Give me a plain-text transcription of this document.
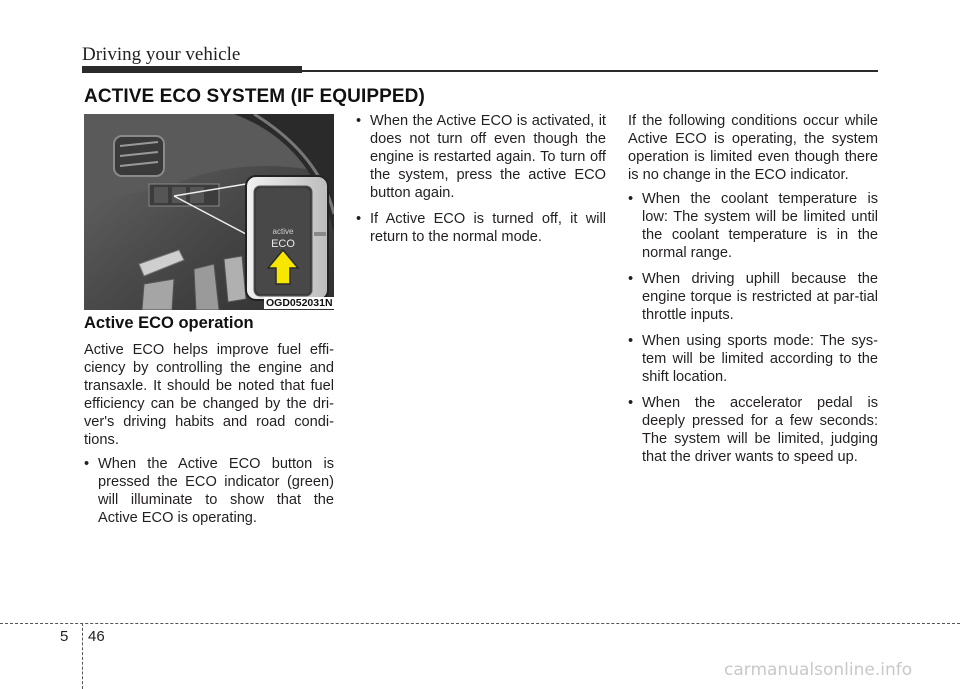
Driving your vehicle
ACTIVE ECO SYSTEM (IF EQUIPPED)
active
ECO
OGD052031N
Active ECO operation

Active ECO helps improve fuel effi-ciency by controlling the engine and transaxle. It should be noted that fuel efficiency can be changed by the dri-ver's driving habits and road condi-tions.

• When the Active ECO button is pressed the ECO indicator (green) will illuminate to show that the Active ECO is operating.
• When the Active ECO is activated, it does not turn off even though the engine is restarted again. To turn off the system, press the active ECO button again.
• If Active ECO is turned off, it will return to the normal mode.

If the following conditions occur while Active ECO is operating, the system operation is limited even though there is no change in the ECO indicator.

• When the coolant temperature is low: The system will be limited until the coolant temperature is in the normal range.
• When driving uphill because the engine torque is restricted at par-tial throttle inputs.
• When using sports mode: The sys-tem will be limited according to the shift location.
• When the accelerator pedal is deeply pressed for a few seconds: The system will be limited, judging that the driver wants to speed up.
5 46
carmanualsonline.info
